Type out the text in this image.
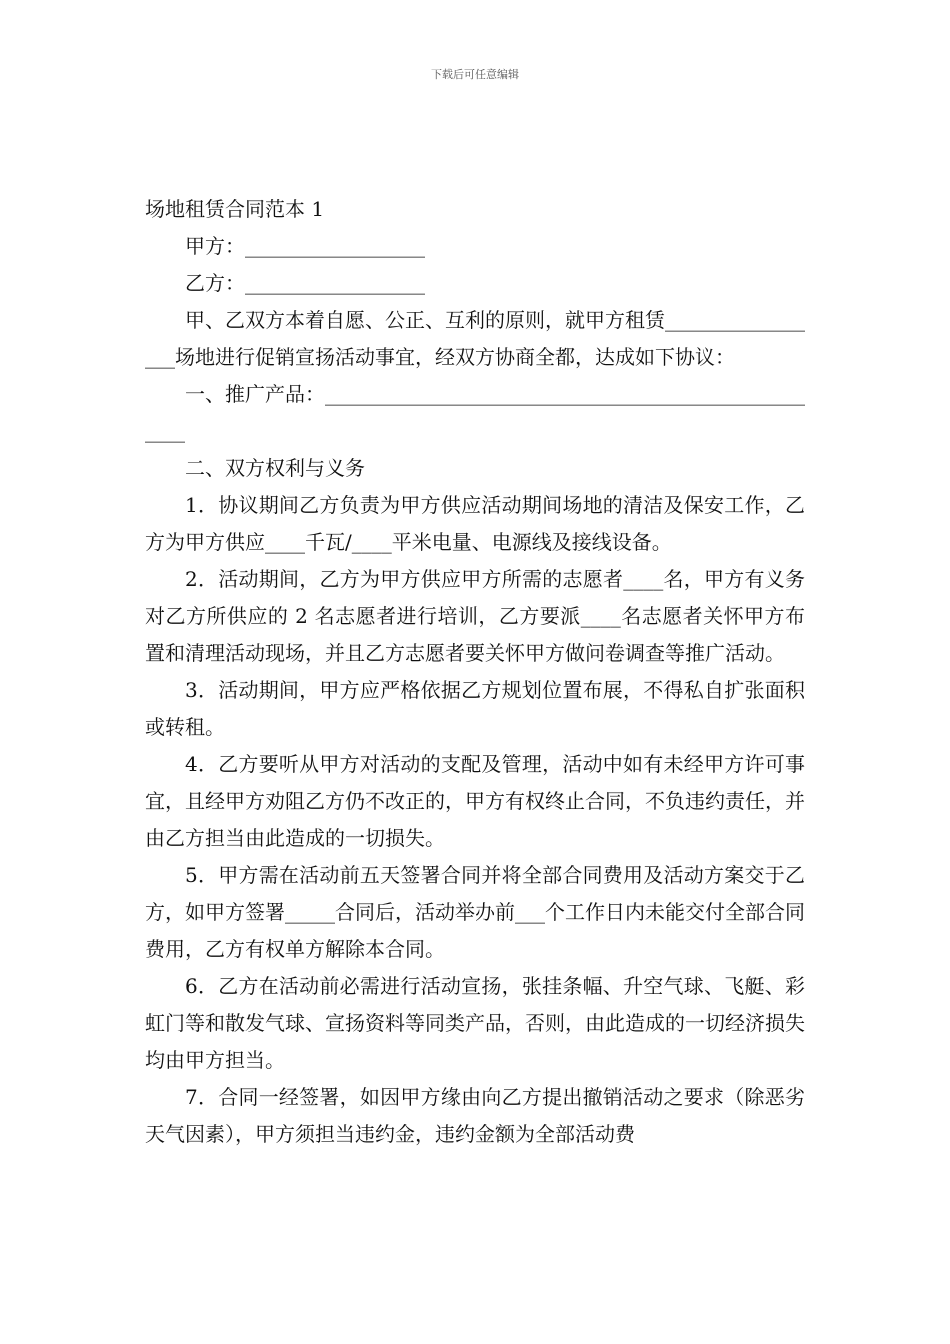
下载后可任意编辑

场地租赁合同范本 1

甲方：__________________

乙方：__________________

甲、乙双方本着自愿、公正、互利的原则，就甲方租赁_________________场地进行促销宣扬活动事宜，经双方协商全都，达成如下协议：

一、推广产品：____________________________________________________

二、双方权利与义务

1．协议期间乙方负责为甲方供应活动期间场地的清洁及保安工作，乙方为甲方供应____千瓦/____平米电量、电源线及接线设备。

2．活动期间，乙方为甲方供应甲方所需的志愿者____名，甲方有义务对乙方所供应的 2 名志愿者进行培训，乙方要派____名志愿者关怀甲方布置和清理活动现场，并且乙方志愿者要关怀甲方做问卷调查等推广活动。

3．活动期间，甲方应严格依据乙方规划位置布展，不得私自扩张面积或转租。

4．乙方要听从甲方对活动的支配及管理，活动中如有未经甲方许可事宜，且经甲方劝阻乙方仍不改正的，甲方有权终止合同，不负违约责任，并由乙方担当由此造成的一切损失。

5．甲方需在活动前五天签署合同并将全部合同费用及活动方案交于乙方，如甲方签署_____合同后，活动举办前___个工作日内未能交付全部合同费用，乙方有权单方解除本合同。

6．乙方在活动前必需进行活动宣扬，张挂条幅、升空气球、飞艇、彩虹门等和散发气球、宣扬资料等同类产品，否则，由此造成的一切经济损失均由甲方担当。

7．合同一经签署，如因甲方缘由向乙方提出撤销活动之要求（除恶劣天气因素），甲方须担当违约金，违约金额为全部活动费
